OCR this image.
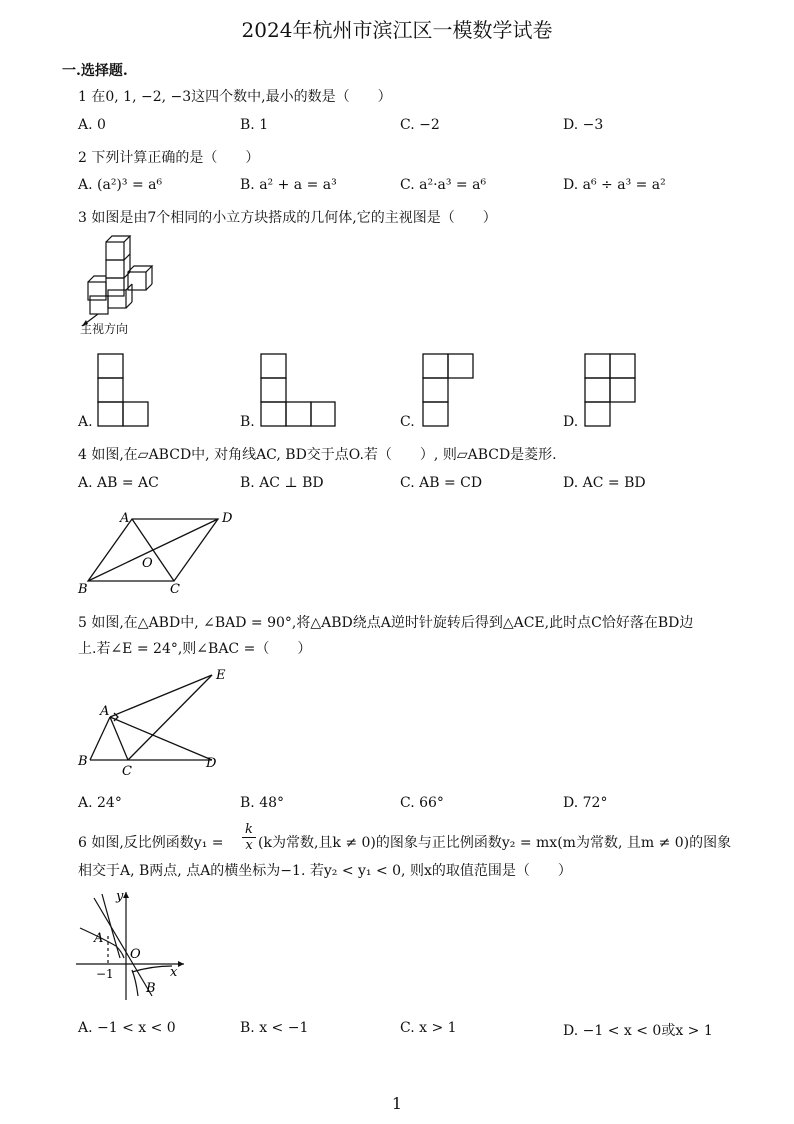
2024年杭州市滨江区一模数学试卷
一.选择题.
1 在0, 1, −2, −3这四个数中,最小的数是（　　）
A. 0	B. 1	C. −2	D. −3
2 下列计算正确的是（　　）
A. (a²)³ = a⁶	B. a² + a = a³	C. a²·a³ = a⁶	D. a⁶ ÷ a³ = a²
3 如图是由7个相同的小立方块搭成的几何体,它的主视图是（　　）
主视方向
A.	B.	C.	D.
4 如图,在▱ABCD中, 对角线AC, BD交于点O.若（　　）, 则▱ABCD是菱形.
A. AB = AC	B. AC ⊥ BD	C. AB = CD	D. AC = BD
A	D
O
B	C
5 如图,在△ABD中, ∠BAD = 90°,将△ABD绕点A逆时针旋转后得到△ACE,此时点C恰好落在BD边
上.若∠E = 24°,则∠BAC =（　　）
E
A
B
C
D
A. 24°	B. 48°	C. 66°	D. 72°
6 如图,反比例函数$y_1 = \frac{k}{x} (k$为常数,且k ≠ 0)的图象与正比例函数y₂ = mx(m为常数, 且m ≠ 0)的图象
相交于A, B两点, 点A的横坐标为−1. 若y₂ < y₁ < 0, 则x的取值范围是（　　）
y
A
O
−1	x
B
A. −1 < x < 0	B. x < −1	C. x > 1	D. −1 < x < 0或x > 1
1
